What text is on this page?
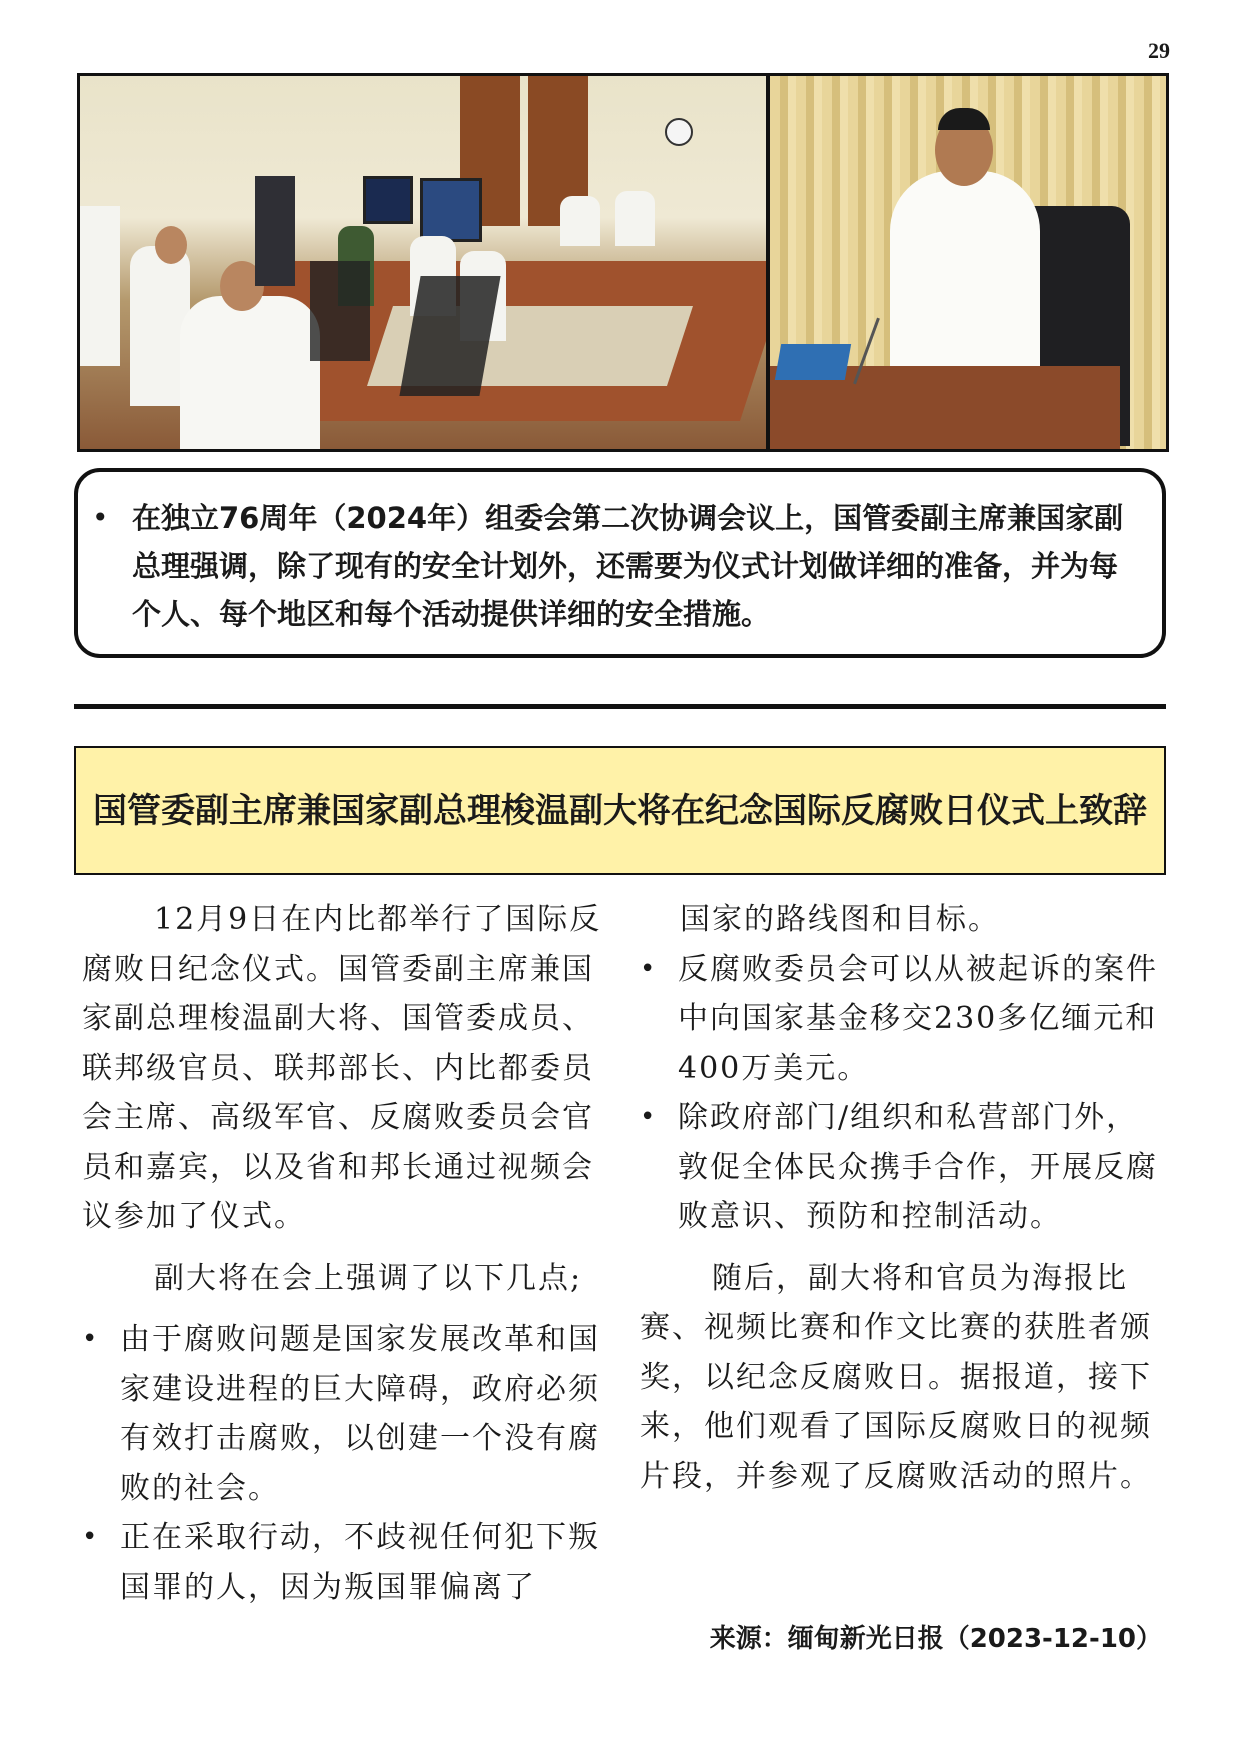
29
• 在独立76周年（2024年）组委会第二次协调会议上，国管委副主席兼国家副总理强调，除了现有的安全计划外，还需要为仪式计划做详细的准备，并为每个人、每个地区和每个活动提供详细的安全措施。

国管委副主席兼国家副总理梭温副大将在纪念国际反腐败日仪式上致辞

12月9日在内比都举行了国际反腐败日纪念仪式。国管委副主席兼国家副总理梭温副大将、国管委成员、联邦级官员、联邦部长、内比都委员会主席、高级军官、反腐败委员会官员和嘉宾，以及省和邦长通过视频会议参加了仪式。

副大将在会上强调了以下几点;

• 由于腐败问题是国家发展改革和国家建设进程的巨大障碍，政府必须有效打击腐败，以创建一个没有腐败的社会。

• 正在采取行动，不歧视任何犯下叛国罪的人，因为叛国罪偏离了

国家的路线图和目标。

• 反腐败委员会可以从被起诉的案件中向国家基金移交230多亿缅元和400万美元。

• 除政府部门/组织和私营部门外，敦促全体民众携手合作，开展反腐败意识、预防和控制活动。

随后，副大将和官员为海报比赛、视频比赛和作文比赛的获胜者颁奖，以纪念反腐败日。据报道，接下来，他们观看了国际反腐败日的视频片段，并参观了反腐败活动的照片。

来源：缅甸新光日报（2023-12-10）
